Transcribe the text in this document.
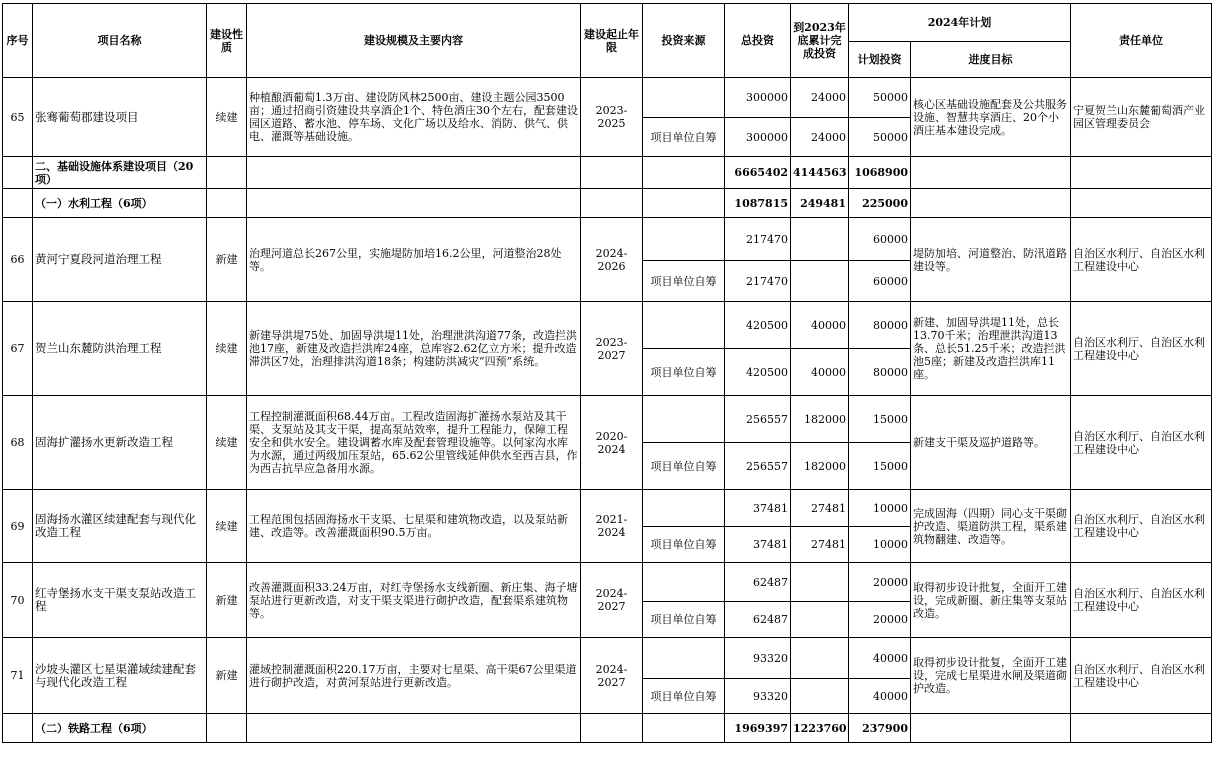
序号	项目名称	建设性质	建设规模及主要内容	建设起止年限	投资来源	总投资	到2023年底累计完成投资	2024年计划		责任单位
								计划投资	进度目标	
65	张骞葡萄郡建设项目	续建	种植酿酒葡萄1.3万亩、建设防风林2500亩、建设主题公园3500亩；通过招商引资建设共享酒企1个、特色酒庄30个左右，配套建设园区道路、蓄水池、停车场、文化广场以及给水、消防、供气、供电、灌溉等基础设施。	2023-2025		300000	24000	50000	核心区基础设施配套及公共服务设施、智慧共享酒庄、20个小酒庄基本建设完成。	宁夏贺兰山东麓葡萄酒产业园区管理委员会
					项目单位自筹	300000	24000	50000		
	二、基础设施体系建设项目（20项）					6665402	4144563	1068900		
	（一）水利工程（6项）					1087815	249481	225000		
66	黄河宁夏段河道治理工程	新建	治理河道总长267公里，实施堤防加培16.2公里，河道整治28处等。	2024-2026		217470		60000	堤防加培、河道整治、防汛道路建设等。	自治区水利厅、自治区水利工程建设中心
					项目单位自筹	217470		60000		
67	贺兰山东麓防洪治理工程	续建	新建导洪堤75处、加固导洪堤11处，治理泄洪沟道77条，改造拦洪池17座，新建及改造拦洪库24座，总库容2.62亿立方米；提升改造滞洪区7处，治理排洪沟道18条；构建防洪减灾“四预”系统。	2023-2027		420500	40000	80000	新建、加固导洪堤11处，总长13.70千米；治理泄洪沟道13条、总长51.25千米；改造拦洪池5座；新建及改造拦洪库11座。	自治区水利厅、自治区水利工程建设中心
					项目单位自筹	420500	40000	80000		
68	固海扩灌扬水更新改造工程	续建	工程控制灌溉面积68.44万亩。工程改造固海扩灌扬水泵站及其干渠、支泵站及其支干渠，提高泵站效率，提升工程能力，保障工程安全和供水安全。建设调蓄水库及配套管理设施等。以何家沟水库为水源，通过两级加压泵站，65.62公里管线延伸供水至西吉县，作为西吉抗旱应急备用水源。	2020-2024		256557	182000	15000	新建支干渠及巡护道路等。	自治区水利厅、自治区水利工程建设中心
					项目单位自筹	256557	182000	15000		
69	固海扬水灌区续建配套与现代化改造工程	续建	工程范围包括固海扬水干支渠、七星渠和建筑物改造，以及泵站新建、改造等。改善灌溉面积90.5万亩。	2021-2024		37481	27481	10000	完成固海（四期）同心支干渠砌护改造、渠道防洪工程，渠系建筑物翻建、改造等。	自治区水利厅、自治区水利工程建设中心
					项目单位自筹	37481	27481	10000		
70	红寺堡扬水支干渠支泵站改造工程	新建	改善灌溉面积33.24万亩，对红寺堡扬水支线新圈、新庄集、海子塘泵站进行更新改造，对支干渠支渠进行砌护改造，配套渠系建筑物等。	2024-2027		62487		20000	取得初步设计批复，全面开工建设，完成新圈、新庄集等支泵站改造。	自治区水利厅、自治区水利工程建设中心
					项目单位自筹	62487		20000		
71	沙坡头灌区七星渠灌域续建配套与现代化改造工程	新建	灌域控制灌溉面积220.17万亩，主要对七星渠、高干渠67公里渠道进行砌护改造，对黄河泵站进行更新改造。	2024-2027		93320		40000	取得初步设计批复，全面开工建设，完成七星渠进水闸及渠道砌护改造。	自治区水利厅、自治区水利工程建设中心
					项目单位自筹	93320		40000		
	（二）铁路工程（6项）					1969397	1223760	237900		
